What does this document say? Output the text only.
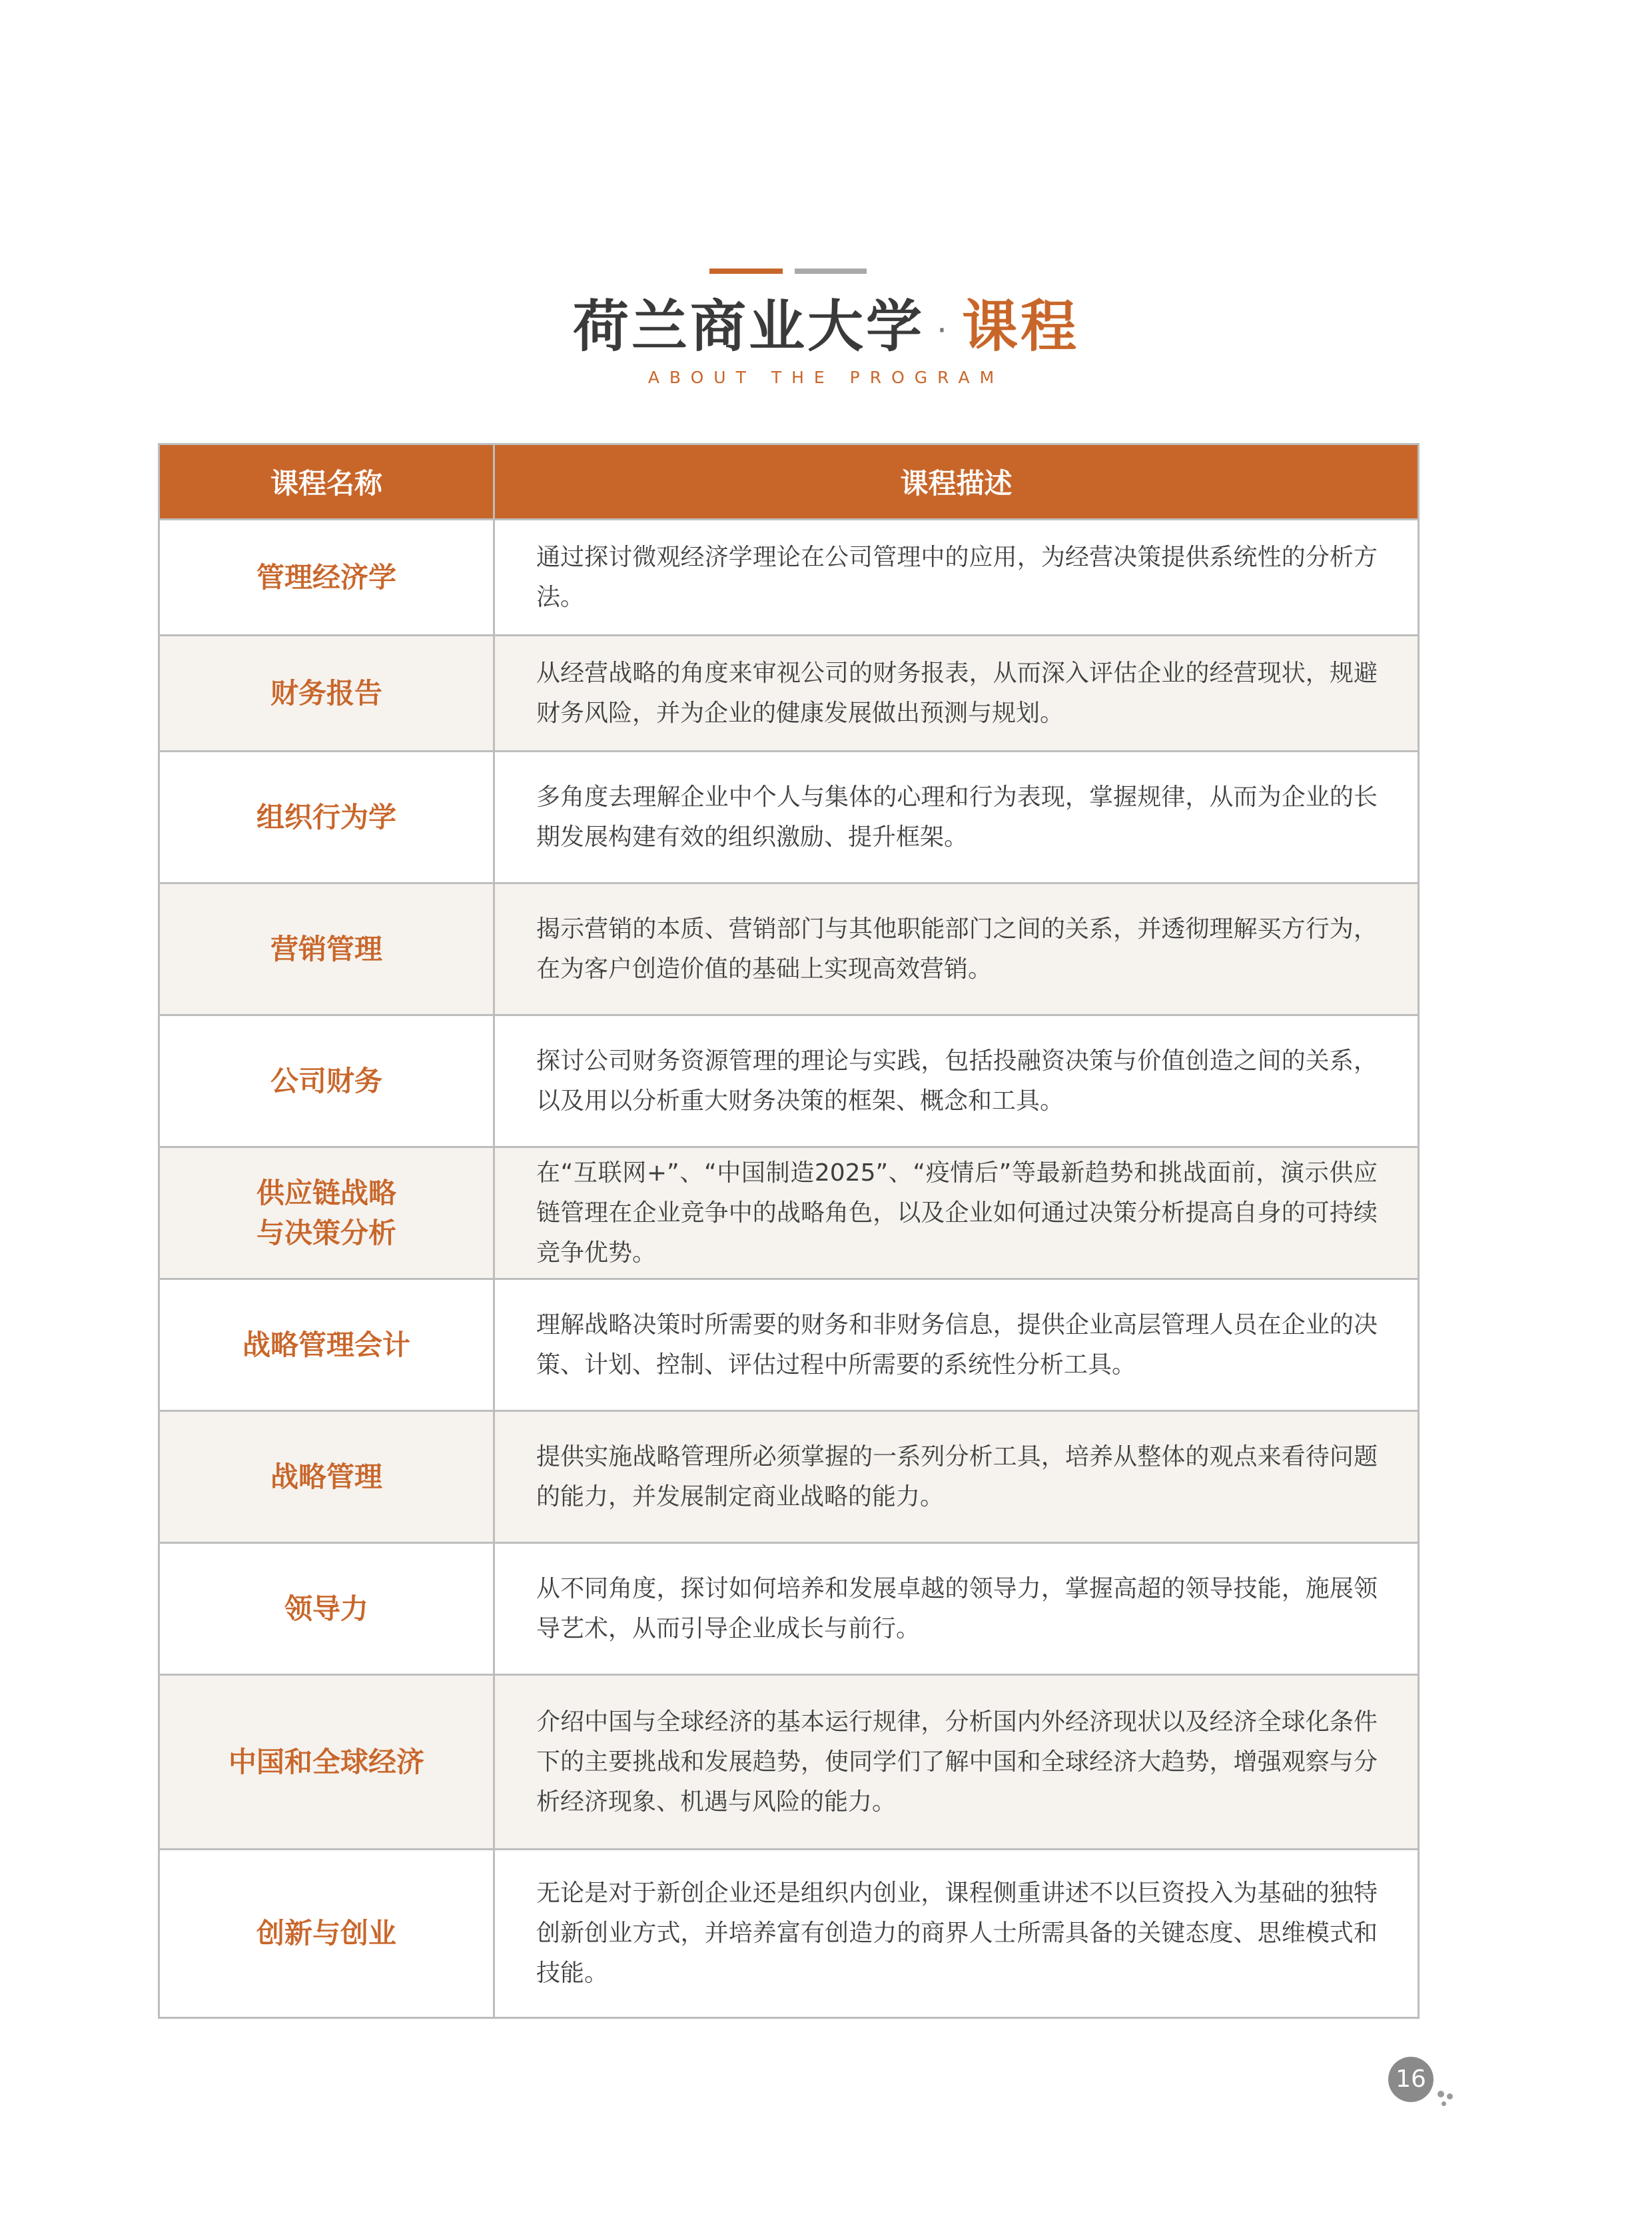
荷兰商业大学 · 课程
ABOUT THE PROGRAM
课程名称	课程描述
管理经济学	通过探讨微观经济学理论在公司管理中的应用，为经营决策提供系统性的分析方法。
财务报告	从经营战略的角度来审视公司的财务报表，从而深入评估企业的经营现状，规避财务风险，并为企业的健康发展做出预测与规划。
组织行为学	多角度去理解企业中个人与集体的心理和行为表现，掌握规律，从而为企业的长期发展构建有效的组织激励、提升框架。
营销管理	揭示营销的本质、营销部门与其他职能部门之间的关系，并透彻理解买方行为，在为客户创造价值的基础上实现高效营销。
公司财务	探讨公司财务资源管理的理论与实践，包括投融资决策与价值创造之间的关系，以及用以分析重大财务决策的框架、概念和工具。
供应链战略
与决策分析	在“互联网+”、“中国制造2025”、“疫情后”等最新趋势和挑战面前，演示供应链管理在企业竞争中的战略角色，以及企业如何通过决策分析提高自身的可持续竞争优势。
战略管理会计	理解战略决策时所需要的财务和非财务信息，提供企业高层管理人员在企业的决策、计划、控制、评估过程中所需要的系统性分析工具。
战略管理	提供实施战略管理所必须掌握的一系列分析工具，培养从整体的观点来看待问题的能力，并发展制定商业战略的能力。
领导力	从不同角度，探讨如何培养和发展卓越的领导力，掌握高超的领导技能，施展领导艺术，从而引导企业成长与前行。
中国和全球经济	介绍中国与全球经济的基本运行规律，分析国内外经济现状以及经济全球化条件下的主要挑战和发展趋势，使同学们了解中国和全球经济大趋势，增强观察与分析经济现象、机遇与风险的能力。
创新与创业	无论是对于新创企业还是组织内创业，课程侧重讲述不以巨资投入为基础的独特创新创业方式，并培养富有创造力的商界人士所需具备的关键态度、思维模式和技能。
16
